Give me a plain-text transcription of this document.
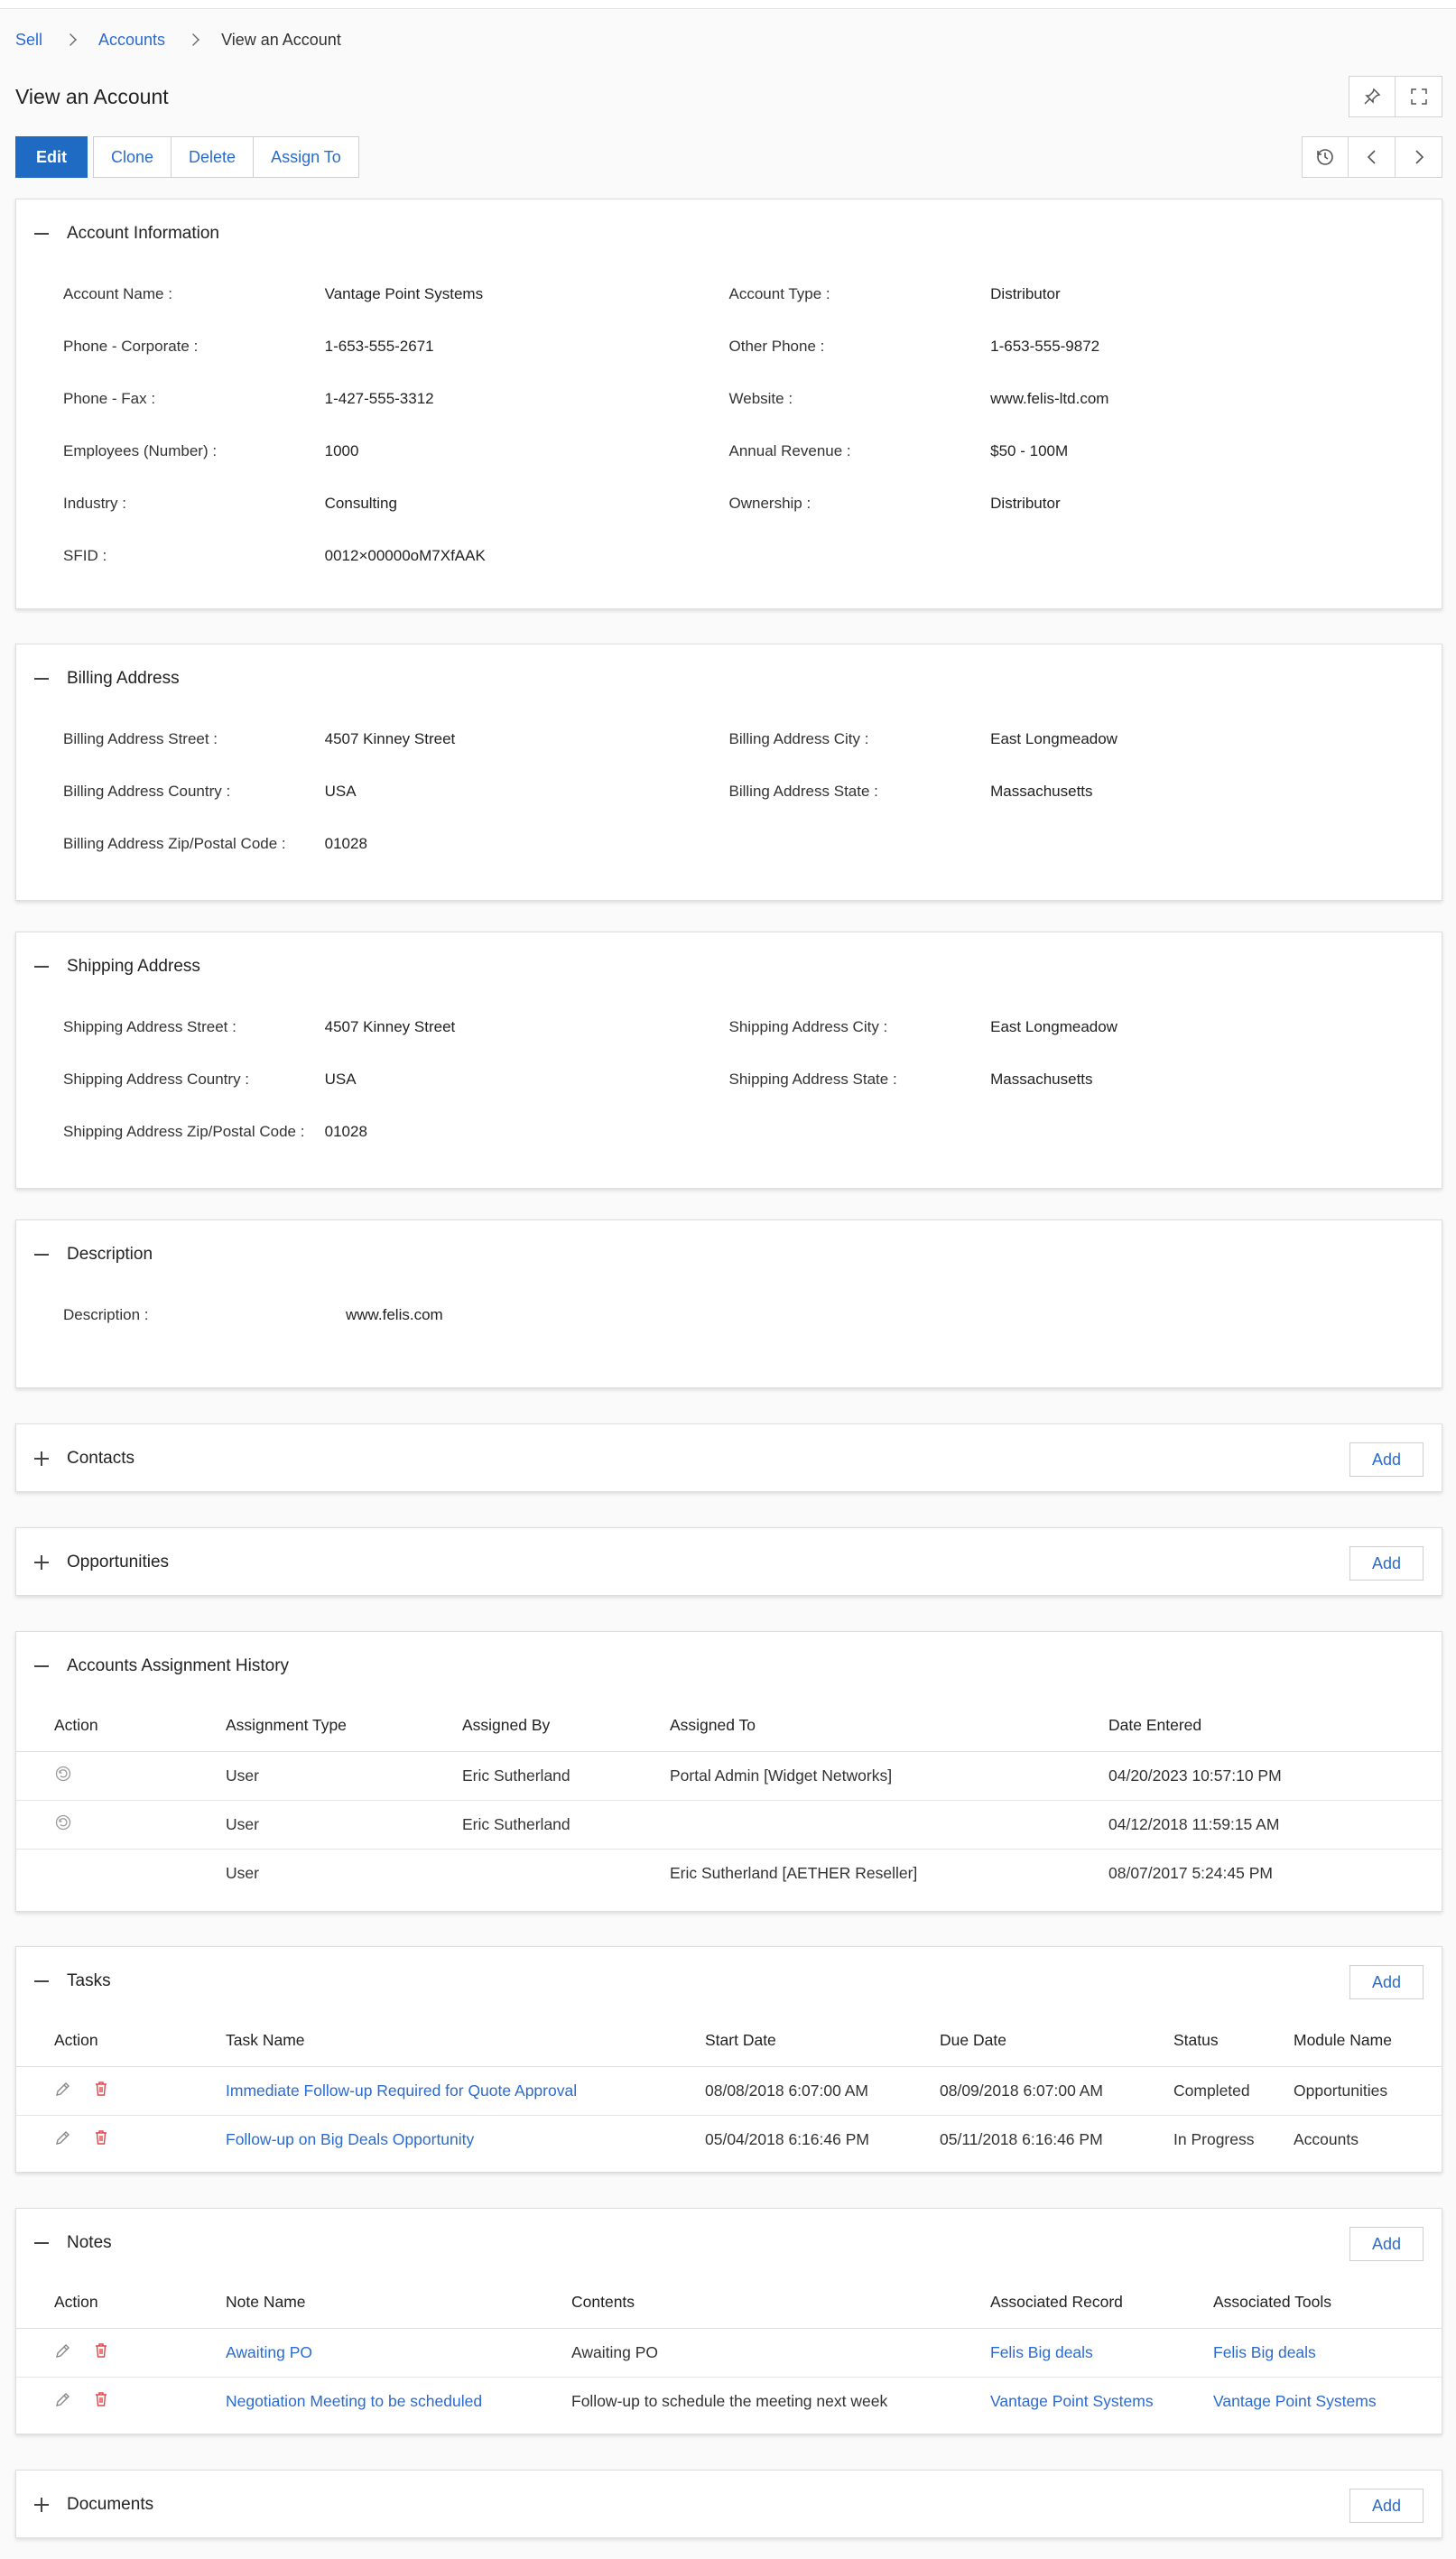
Sell	Accounts	View an Account
View an Account
Edit	Clone	Delete	Assign To
Account Information
Account Name :	Vantage Point Systems	Account Type :	Distributor
Phone - Corporate :	1-653-555-2671	Other Phone :	1-653-555-9872
Phone - Fax :	1-427-555-3312	Website :	www.felis-ltd.com
Employees (Number) :	1000	Annual Revenue :	$50 - 100M
Industry :	Consulting	Ownership :	Distributor
SFID :	0012×00000oM7XfAAK
Billing Address
Billing Address Street :	4507 Kinney Street	Billing Address City :	East Longmeadow
Billing Address Country :	USA	Billing Address State :	Massachusetts
Billing Address Zip/Postal Code :	01028
Shipping Address
Shipping Address Street :	4507 Kinney Street	Shipping Address City :	East Longmeadow
Shipping Address Country :	USA	Shipping Address State :	Massachusetts
Shipping Address Zip/Postal Code :	01028
Description
Description :	www.felis.com
Contacts	Add
Opportunities	Add
Accounts Assignment History
Action	Assignment Type	Assigned By	Assigned To	Date Entered
	User	Eric Sutherland	Portal Admin [Widget Networks]	04/20/2023 10:57:10 PM
	User	Eric Sutherland		04/12/2018 11:59:15 AM
	User		Eric Sutherland [AETHER Reseller]	08/07/2017 5:24:45 PM
Tasks	Add
Action	Task Name	Start Date	Due Date	Status	Module Name

	Immediate Follow-up Required for Quote Approval	08/08/2018 6:07:00 AM	08/09/2018 6:07:00 AM	Completed	Opportunities

	Follow-up on Big Deals Opportunity	05/04/2018 6:16:46 PM	05/11/2018 6:16:46 PM	In Progress	Accounts
Notes	Add
Action	Note Name	Contents	Associated Record	Associated Tools

	Awaiting PO	Awaiting PO	Felis Big deals	Felis Big deals

	Negotiation Meeting to be scheduled	Follow-up to schedule the meeting next week	Vantage Point Systems	Vantage Point Systems
Documents	Add
